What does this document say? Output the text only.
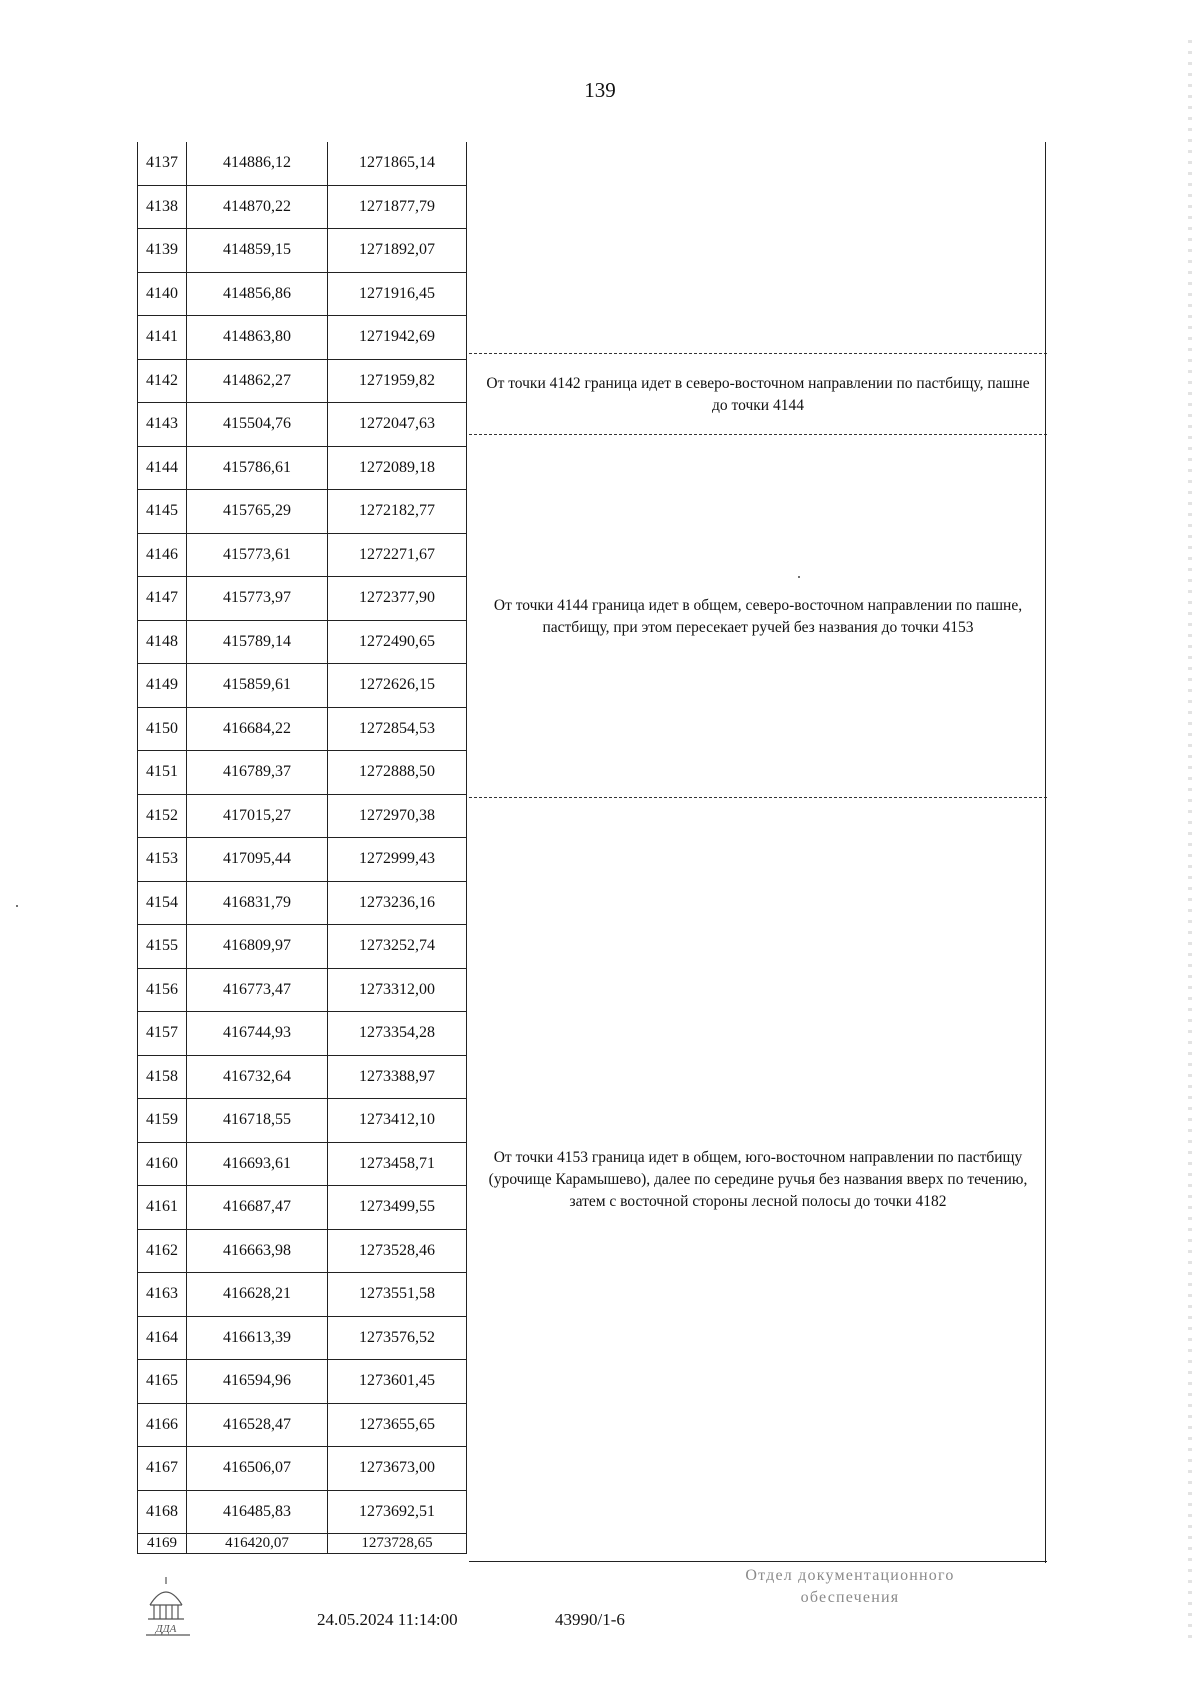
139
4137	414886,12	1271865,14
4138	414870,22	1271877,79
4139	414859,15	1271892,07
4140	414856,86	1271916,45
4141	414863,80	1271942,69
4142	414862,27	1271959,82
4143	415504,76	1272047,63
4144	415786,61	1272089,18
4145	415765,29	1272182,77
4146	415773,61	1272271,67
4147	415773,97	1272377,90
4148	415789,14	1272490,65
4149	415859,61	1272626,15
4150	416684,22	1272854,53
4151	416789,37	1272888,50
4152	417015,27	1272970,38
4153	417095,44	1272999,43
4154	416831,79	1273236,16
4155	416809,97	1273252,74
4156	416773,47	1273312,00
4157	416744,93	1273354,28
4158	416732,64	1273388,97
4159	416718,55	1273412,10
4160	416693,61	1273458,71
4161	416687,47	1273499,55
4162	416663,98	1273528,46
4163	416628,21	1273551,58
4164	416613,39	1273576,52
4165	416594,96	1273601,45
4166	416528,47	1273655,65
4167	416506,07	1273673,00
4168	416485,83	1273692,51
4169	416420,07	1273728,65
От точки 4142 граница идет в северо-восточном направлении по пастбищу, пашне до точки 4144
От точки 4144 граница идет в общем, северо-восточном направлении по пашне, пастбищу, при этом пересекает ручей без названия до точки 4153
От точки 4153 граница идет в общем, юго-восточном направлении по пастбищу (урочище Карамышево), далее по середине ручья без названия вверх по течению, затем с восточной стороны лесной полосы до точки 4182
ДДА	24.05.2024 11:14:00	43990/1-6
Отдел документационного
обеспечения
